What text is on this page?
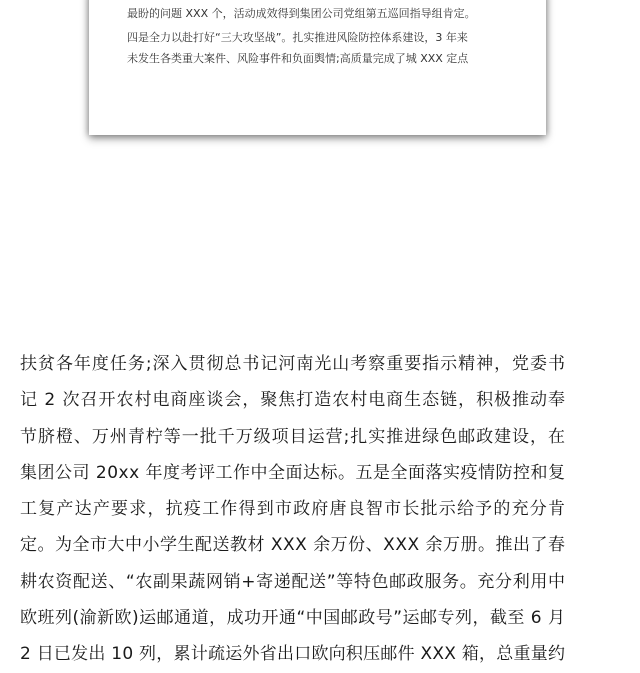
最盼的问题 XXX 个，活动成效得到集团公司党组第五巡回指导组肯定。
四是全力以赴打好“三大攻坚战”。扎实推进风险防控体系建设，3 年来
未发生各类重大案件、风险事件和负面舆情;高质量完成了城 XXX 定点
扶贫各年度任务;深入贯彻总书记河南光山考察重要指示精神，党委书
记 2 次召开农村电商座谈会，聚焦打造农村电商生态链，积极推动奉
节脐橙、万州青柠等一批千万级项目运营;扎实推进绿色邮政建设，在
集团公司 20xx 年度考评工作中全面达标。五是全面落实疫情防控和复
工复产达产要求，抗疫工作得到市政府唐良智市长批示给予的充分肯
定。为全市大中小学生配送教材 XXX 余万份、XXX 余万册。推出了春
耕农资配送、“农副果蔬网销+寄递配送”等特色邮政服务。充分利用中
欧班列(渝新欧)运邮通道，成功开通“中国邮政号”运邮专列，截至 6 月
2 日已发出 10 列，累计疏运外省出口欧向积压邮件 XXX 箱，总重量约
